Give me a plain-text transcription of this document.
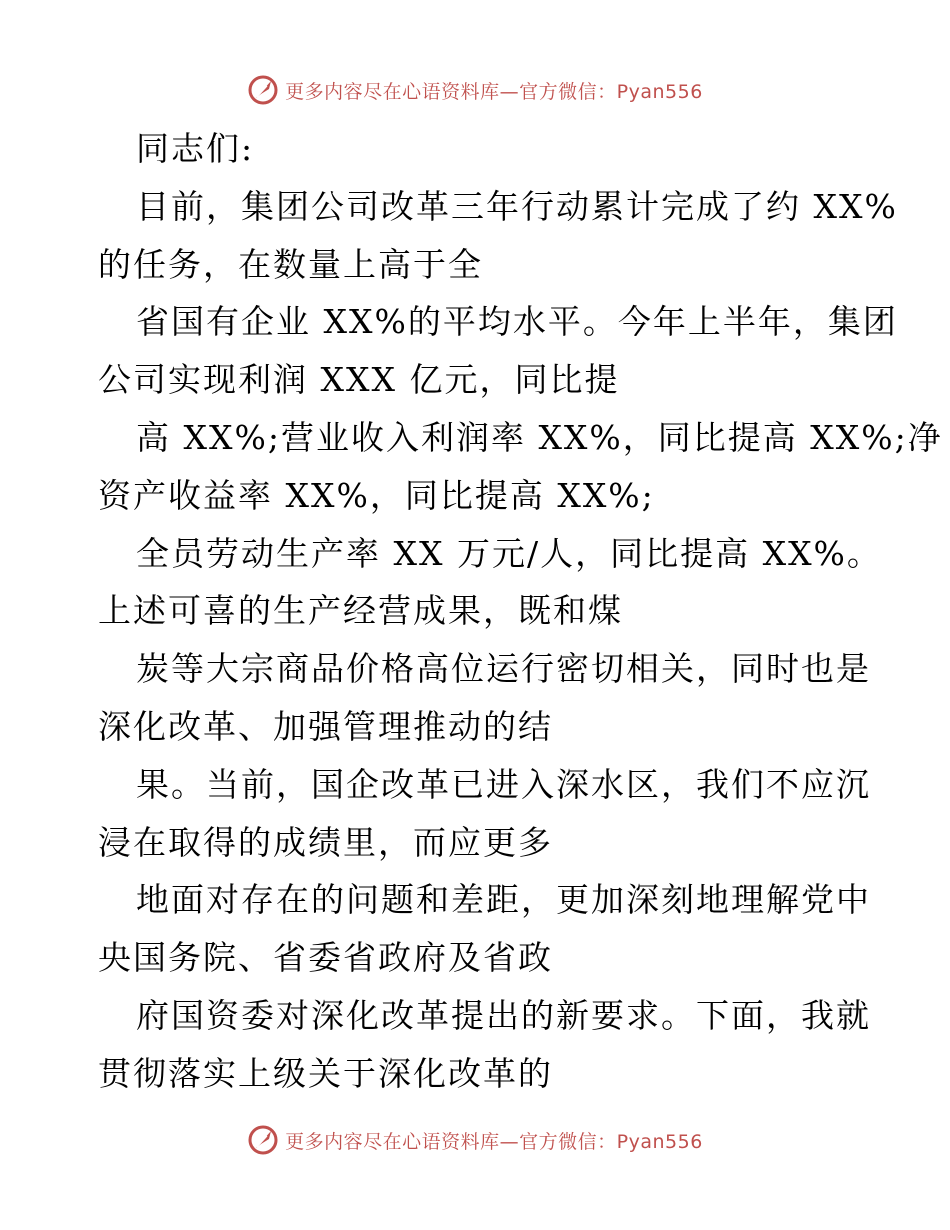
更多内容尽在心语资料库—官方微信：Pyan556
同志们:
目前，集团公司改革三年行动累计完成了约 XX%
的任务，在数量上高于全
省国有企业 XX%的平均水平。今年上半年，集团
公司实现利润 XXX 亿元，同比提
高 XX%;营业收入利润率 XX%，同比提高 XX%;净
资产收益率 XX%，同比提高 XX%;
全员劳动生产率 XX 万元/人，同比提高 XX%。
上述可喜的生产经营成果，既和煤
炭等大宗商品价格高位运行密切相关，同时也是
深化改革、加强管理推动的结
果。当前，国企改革已进入深水区，我们不应沉
浸在取得的成绩里，而应更多
地面对存在的问题和差距，更加深刻地理解党中
央国务院、省委省政府及省政
府国资委对深化改革提出的新要求。下面，我就
贯彻落实上级关于深化改革的
更多内容尽在心语资料库—官方微信：Pyan556
